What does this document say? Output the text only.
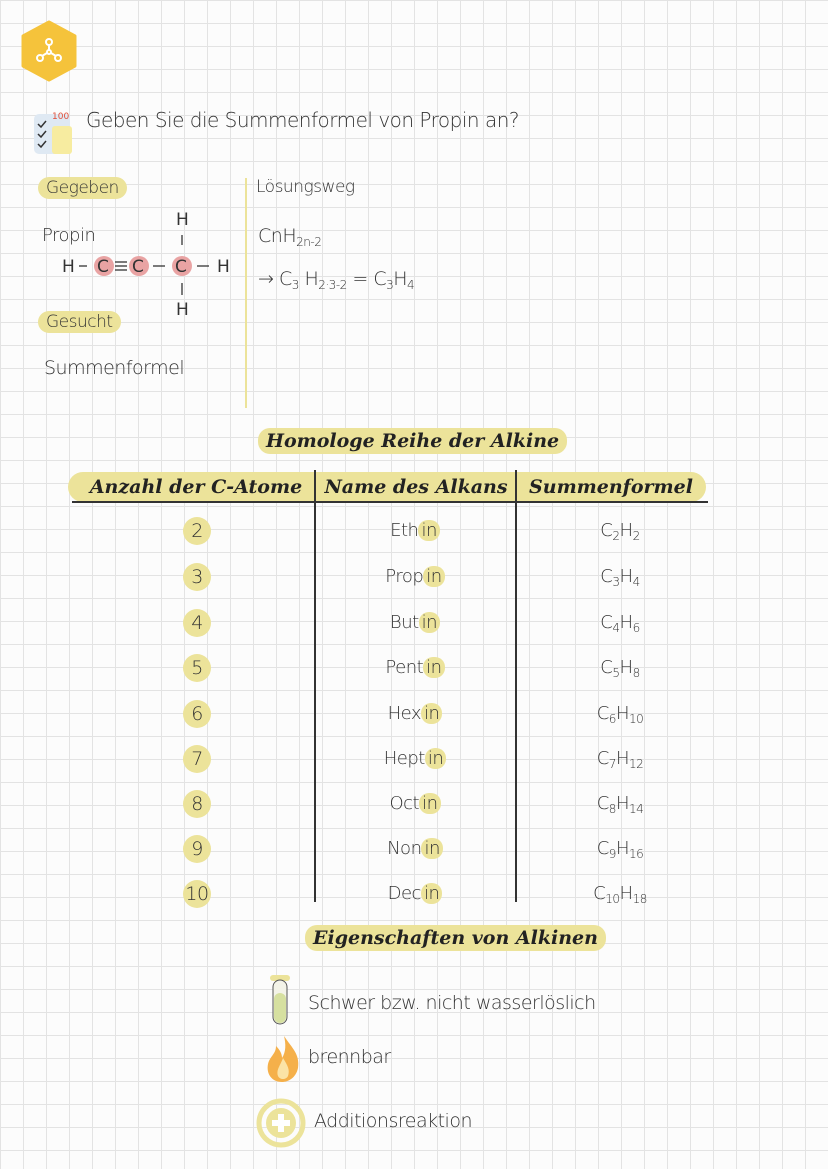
100 Geben Sie die Summenformel von Propin an?
Gegeben
Propin
H C C C H
H
H
Gesucht
Summenformel
Lösungsweg
CnH$_{2n-2}$
→ $C_3$ $H_{2\cdot 3-2} = C_3H_4$
Homologe Reihe der Alkine
Anzahl der C-Atome	Name des Alkans	Summenformel
2	Eth in	$C_2H_2$
3	Prop in	$C_3H_4$
4	But in	$C_4H_6$
5	Pent in	$C_5H_8$
6	Hex in	$C_6H_{10}$
7	Hept in	$C_7H_{12}$
8	Oct in	$C_8H_{14}$
9	Non in	$C_9H_{16}$
10	Dec in	$C_{10}H_{18}$
Eigenschaften von Alkinen
Schwer bzw. nicht wasserlöslich
brennbar
Additionsreaktion
